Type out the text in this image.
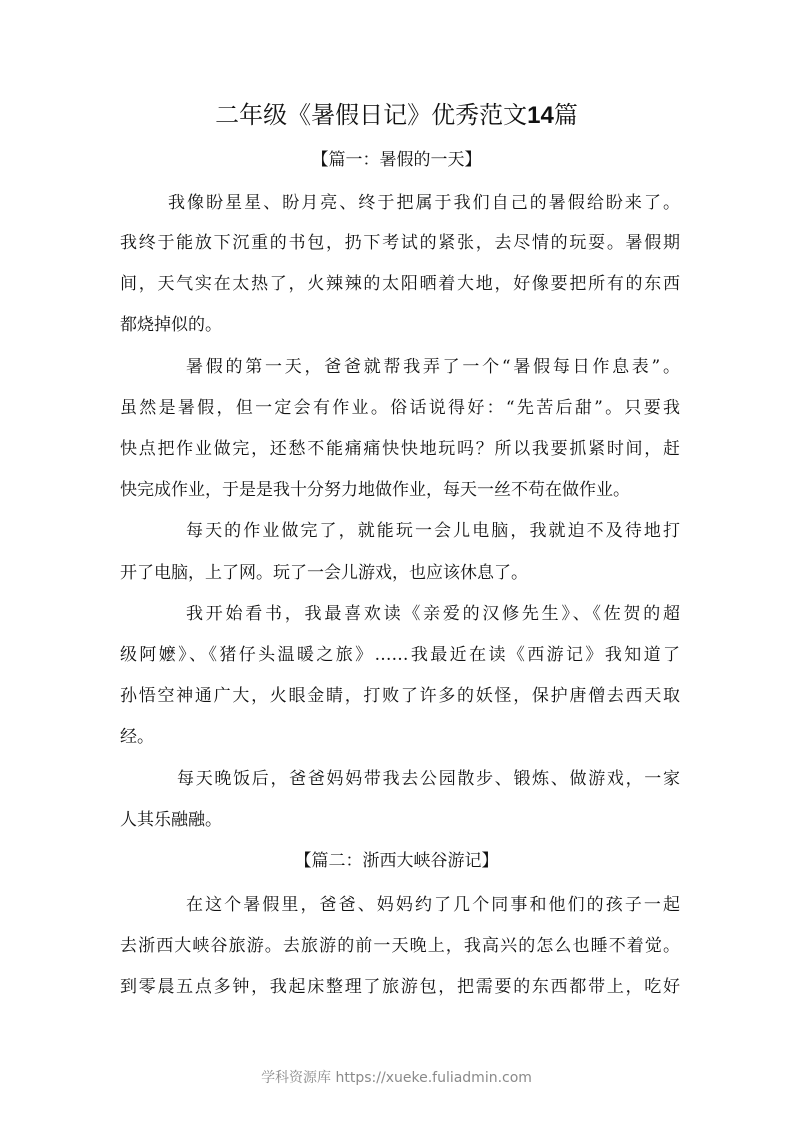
二年级《暑假日记》优秀范文14篇
【篇一：暑假的一天】
我像盼星星、盼月亮、终于把属于我们自己的暑假给盼来了。
我终于能放下沉重的书包，扔下考试的紧张，去尽情的玩耍。暑假期
间，天气实在太热了，火辣辣的太阳晒着大地，好像要把所有的东西
都烧掉似的。
暑假的第一天，爸爸就帮我弄了一个“暑假每日作息表”。
虽然是暑假，但一定会有作业。俗话说得好：“先苦后甜”。只要我
快点把作业做完，还愁不能痛痛快快地玩吗？所以我要抓紧时间，赶
快完成作业，于是是我十分努力地做作业，每天一丝不苟在做作业。
每天的作业做完了，就能玩一会儿电脑，我就迫不及待地打
开了电脑，上了网。玩了一会儿游戏，也应该休息了。
我开始看书，我最喜欢读《亲爱的汉修先生》、《佐贺的超
级阿嬷》、《猪仔头温暖之旅》……我最近在读《西游记》我知道了
孙悟空神通广大，火眼金睛，打败了许多的妖怪，保护唐僧去西天取
经。
每天晚饭后，爸爸妈妈带我去公园散步、锻炼、做游戏，一家
人其乐融融。
【篇二：浙西大峡谷游记】
在这个暑假里，爸爸、妈妈约了几个同事和他们的孩子一起
去浙西大峡谷旅游。去旅游的前一天晚上，我高兴的怎么也睡不着觉。
到零晨五点多钟，我起床整理了旅游包，把需要的东西都带上，吃好
学科资源库 https://xueke.fuliadmin.com
